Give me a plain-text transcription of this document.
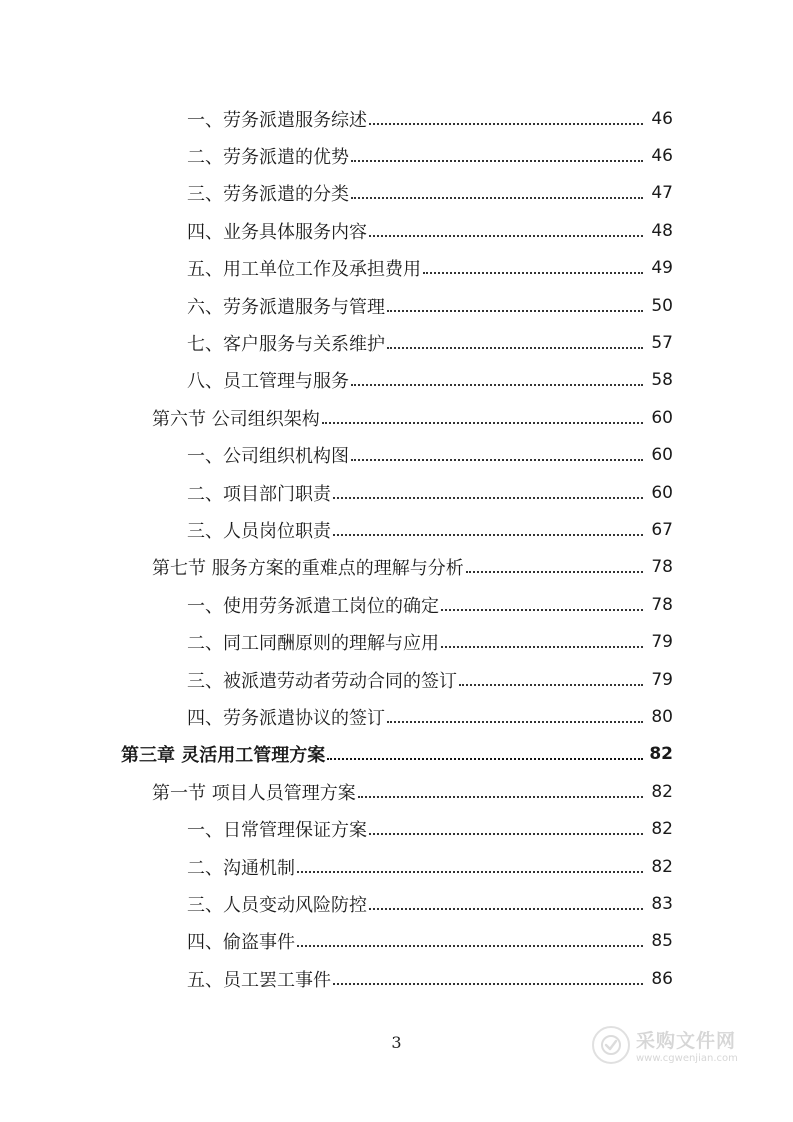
一、劳务派遣服务综述	46
二、劳务派遣的优势	46
三、劳务派遣的分类	47
四、业务具体服务内容	48
五、用工单位工作及承担费用	49
六、劳务派遣服务与管理	50
七、客户服务与关系维护	57
八、员工管理与服务	58
第六节 公司组织架构	60
一、公司组织机构图	60
二、项目部门职责	60
三、人员岗位职责	67
第七节 服务方案的重难点的理解与分析	78
一、使用劳务派遣工岗位的确定	78
二、同工同酬原则的理解与应用	79
三、被派遣劳动者劳动合同的签订	79
四、劳务派遣协议的签订	80
第三章 灵活用工管理方案	82
第一节 项目人员管理方案	82
一、日常管理保证方案	82
二、沟通机制	82
三、人员变动风险防控	83
四、偷盗事件	85
五、员工罢工事件	86
3	采购文件网
www.cgwenjian.com
